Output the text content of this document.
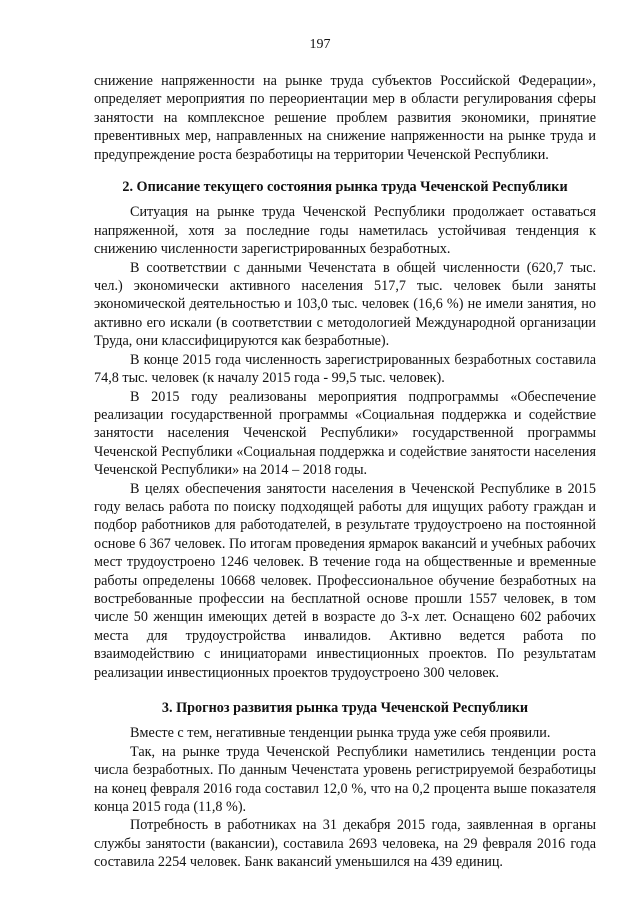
197

снижение напряженности на рынке труда субъектов Российской Федерации», определяет мероприятия по переориентации мер в области регулирования сферы занятости на комплексное решение проблем развития экономики, принятие превентивных мер, направленных на снижение напряженности на рынке труда и предупреждение роста безработицы на территории Чеченской Республики.

2. Описание текущего состояния рынка труда Чеченской Республики

Ситуация на рынке труда Чеченской Республики продолжает оставаться напряженной, хотя за последние годы наметилась устойчивая тенденция к снижению численности зарегистрированных безработных.

В соответствии с данными Чеченстата в общей численности (620,7 тыс. чел.) экономически активного населения 517,7 тыс. человек были заняты экономической деятельностью и 103,0 тыс. человек (16,6 %) не имели занятия, но активно его искали (в соответствии с методологией Международной организации Труда, они классифицируются как безработные).

В конце 2015 года численность зарегистрированных безработных составила 74,8 тыс. человек (к началу 2015 года - 99,5 тыс. человек).

В 2015 году реализованы мероприятия подпрограммы «Обеспечение реализации государственной программы «Социальная поддержка и содействие занятости населения Чеченской Республики» государственной программы Чеченской Республики «Социальная поддержка и содействие занятости населения Чеченской Республики» на 2014 – 2018 годы.

В целях обеспечения занятости населения в Чеченской Республике в 2015 году велась работа по поиску подходящей работы для ищущих работу граждан и подбор работников для работодателей, в результате трудоустроено на постоянной основе 6 367 человек. По итогам проведения ярмарок вакансий и учебных рабочих мест трудоустроено 1246 человек. В течение года на общественные и временные работы определены 10668 человек. Профессиональное обучение безработных на востребованные профессии на бесплатной основе прошли 1557 человек, в том числе 50 женщин имеющих детей в возрасте до 3-х лет. Оснащено 602 рабочих места для трудоустройства инвалидов. Активно ведется работа по взаимодействию с инициаторами инвестиционных проектов. По результатам реализации инвестиционных проектов трудоустроено 300 человек.

3. Прогноз развития рынка труда Чеченской Республики

Вместе с тем, негативные тенденции рынка труда уже себя проявили.

Так, на рынке труда Чеченской Республики наметились тенденции роста числа безработных. По данным Чеченстата уровень регистрируемой безработицы на конец февраля 2016 года составил 12,0 %, что на 0,2 процента выше показателя конца 2015 года (11,8 %).

Потребность в работниках на 31 декабря 2015 года, заявленная в органы службы занятости (вакансии), составила 2693 человека, на 29 февраля 2016 года составила 2254 человек. Банк вакансий уменьшился на 439 единиц.
